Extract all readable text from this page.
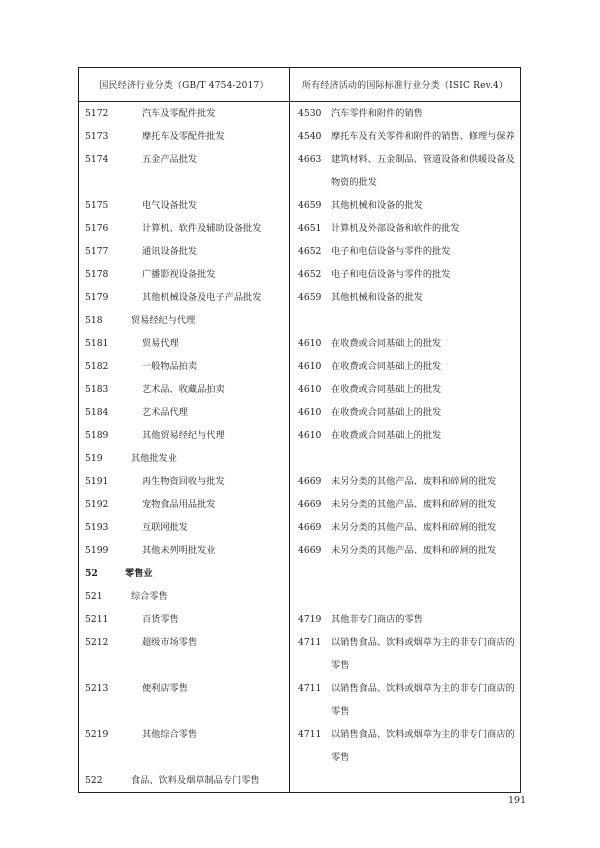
国民经济行业分类（GB/T 4754-2017）	所有经济活动的国际标准行业分类（ISIC Rev.4）

5172 汽车及零配件批发	4530 汽车零件和附件的销售

5173 摩托车及零配件批发	4540 摩托车及有关零件和附件的销售、修理与保养

5174 五金产品批发	4663 建筑材料、五金制品、管道设备和供暖设备及物资的批发

5175 电气设备批发	4659 其他机械和设备的批发

5176 计算机、软件及辅助设备批发	4651 计算机及外部设备和软件的批发

5177 通讯设备批发	4652 电子和电信设备与零件的批发

5178 广播影视设备批发	4652 电子和电信设备与零件的批发

5179 其他机械设备及电子产品批发	4659 其他机械和设备的批发

518 贸易经纪与代理	

5181 贸易代理	4610 在收费或合同基础上的批发

5182 一般物品拍卖	4610 在收费或合同基础上的批发

5183 艺术品、收藏品拍卖	4610 在收费或合同基础上的批发

5184 艺术品代理	4610 在收费或合同基础上的批发

5189 其他贸易经纪与代理	4610 在收费或合同基础上的批发

519 其他批发业	

5191 再生物资回收与批发	4669 未另分类的其他产品、废料和碎屑的批发

5192 宠物食品用品批发	4669 未另分类的其他产品、废料和碎屑的批发

5193 互联网批发	4669 未另分类的其他产品、废料和碎屑的批发

5199 其他未列明批发业	4669 未另分类的其他产品、废料和碎屑的批发

52 零售业	

521 综合零售	

5211 百货零售	4719 其他非专门商店的零售

5212 超级市场零售	4711 以销售食品、饮料或烟草为主的非专门商店的零售

5213 便利店零售	4711 以销售食品、饮料或烟草为主的非专门商店的零售

5219 其他综合零售	4711 以销售食品、饮料或烟草为主的非专门商店的零售

522 食品、饮料及烟草制品专门零售	

191
